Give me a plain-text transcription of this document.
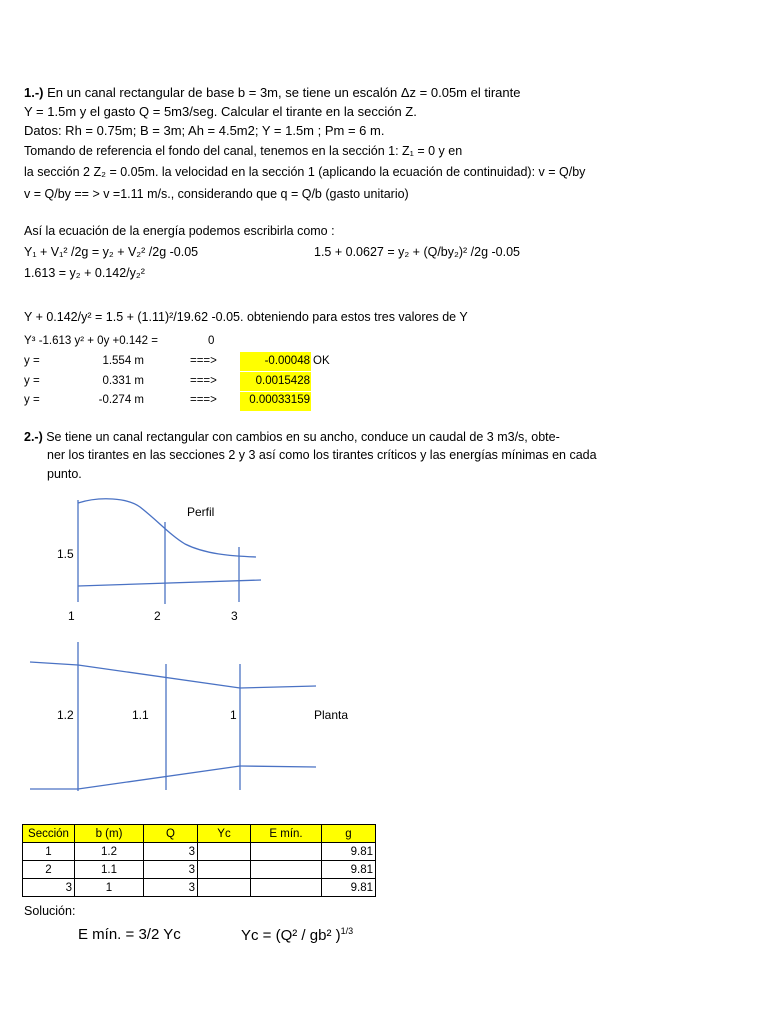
1.-) En un canal rectangular de base b = 3m, se tiene un escalón Δz = 0.05m el tirante
Y = 1.5m y el gasto Q = 5m3/seg. Calcular el tirante en la sección Z.
Datos: Rh = 0.75m; B = 3m; Ah = 4.5m2; Y = 1.5m ; Pm = 6 m.
Tomando de referencia el fondo del canal, tenemos en la sección 1: Z₁ = 0 y en
la sección 2 Z₂ = 0.05m. la velocidad en la sección 1 (aplicando la ecuación de continuidad): v = Q/by
v = Q/by == > v =1.11 m/s., considerando que q = Q/b (gasto unitario)
Así la ecuación de la energía podemos escribirla como :
Y₁ + V₁² /2g = y₂ + V₂² /2g -0.05	1.5 + 0.0627 = y₂ + (Q/by₂)² /2g -0.05
1.613 = y₂ + 0.142/y₂²
Y + 0.142/y² = 1.5 + (1.11)²/19.62 -0.05. obteniendo para estos tres valores de Y
Y³ -1.613 y² + 0y +0.142 =	0
y =	1.554 m	===>	-0.00048 OK
y =	0.331 m	===>	0.0015428
y =	-0.274 m	===>	0.00033159
2.-) Se tiene un canal rectangular con cambios en su ancho, conduce un caudal de 3 m3/s, obte-
ner los tirantes en las secciones 2 y 3 así como los tirantes críticos y las energías mínimas en cada
punto.
Perfil
1.5
1	2	3
1.2	1.1	1	Planta
Sección	b (m)	Q	Yc	E mín.	g
1	1.2	3			9.81
2	1.1	3			9.81
3	1	3			9.81
Solución:
E mín. = 3/2 Yc	Yc = (Q² / gb² )$^{1/3}$
